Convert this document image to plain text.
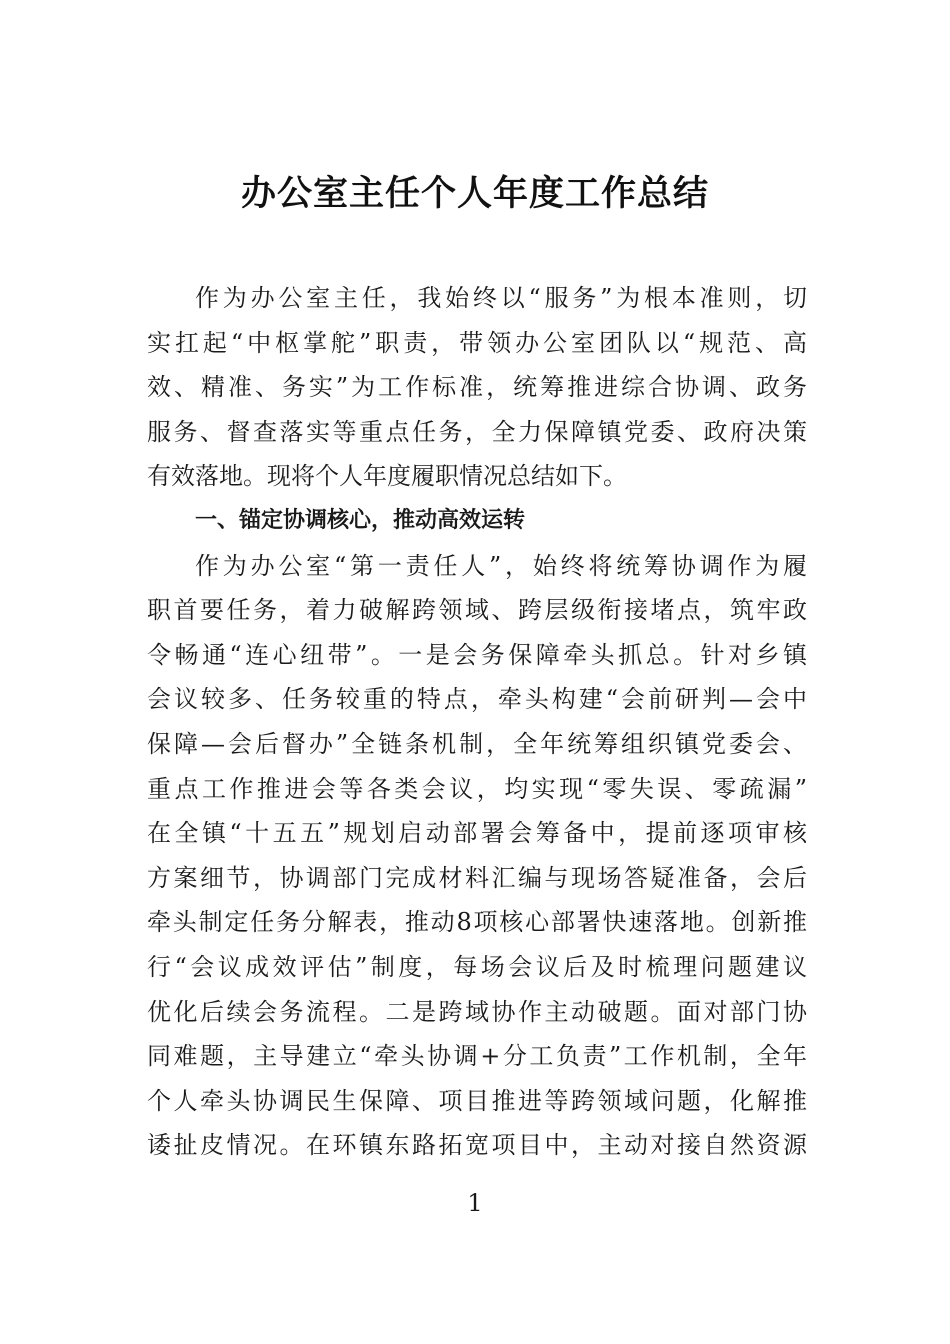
办公室主任个人年度工作总结
作为办公室主任，我始终以“服务”为根本准则，切
实扛起“中枢掌舵”职责，带领办公室团队以“规范、高
效、精准、务实”为工作标准，统筹推进综合协调、政务
服务、督查落实等重点任务，全力保障镇党委、政府决策
有效落地。现将个人年度履职情况总结如下。
一、锚定协调核心，推动高效运转
作为办公室“第一责任人”，始终将统筹协调作为履
职首要任务，着力破解跨领域、跨层级衔接堵点，筑牢政
令畅通“连心纽带”。一是会务保障牵头抓总。针对乡镇
会议较多、任务较重的特点，牵头构建“会前研判—会中
保障—会后督办”全链条机制，全年统筹组织镇党委会、
重点工作推进会等各类会议，均实现“零失误、零疏漏”
在全镇“十五五”规划启动部署会筹备中，提前逐项审核
方案细节，协调部门完成材料汇编与现场答疑准备，会后
牵头制定任务分解表，推动8项核心部署快速落地。创新推
行“会议成效评估”制度，每场会议后及时梳理问题建议
优化后续会务流程。二是跨域协作主动破题。面对部门协
同难题，主导建立“牵头协调+分工负责”工作机制，全年
个人牵头协调民生保障、项目推进等跨领域问题，化解推
诿扯皮情况。在环镇东路拓宽项目中，主动对接自然资源
1
